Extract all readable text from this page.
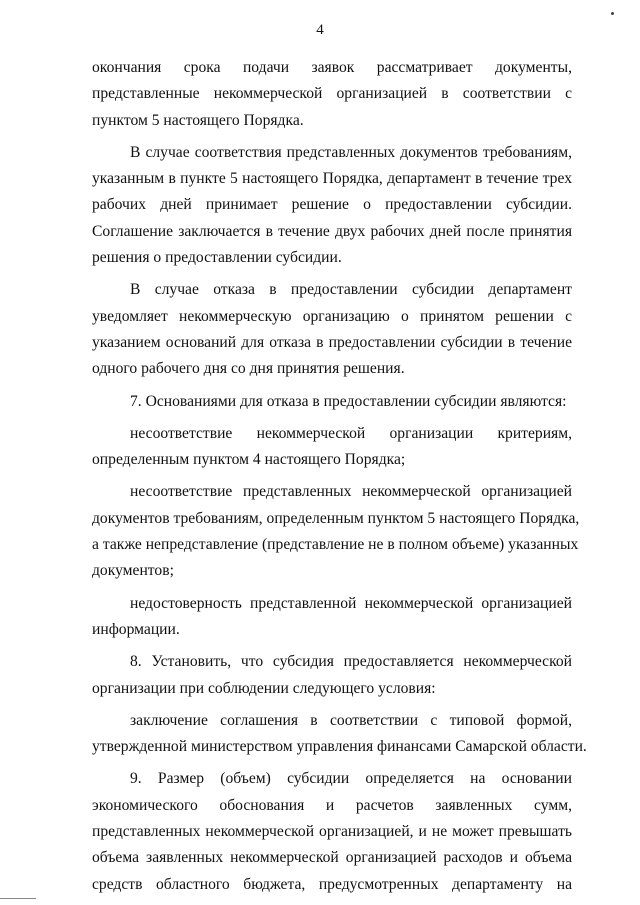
4
окончания срока подачи заявок рассматривает документы,
представленные некоммерческой организацией в соответствии с
пунктом 5 настоящего Порядка.
В случае соответствия представленных документов требованиям,
указанным в пункте 5 настоящего Порядка, департамент в течение трех
рабочих дней принимает решение о предоставлении субсидии.
Соглашение заключается в течение двух рабочих дней после принятия
решения о предоставлении субсидии.
В случае отказа в предоставлении субсидии департамент
уведомляет некоммерческую организацию о принятом решении с
указанием оснований для отказа в предоставлении субсидии в течение
одного рабочего дня со дня принятия решения.
7. Основаниями для отказа в предоставлении субсидии являются:
несоответствие некоммерческой организации критериям,
определенным пунктом 4 настоящего Порядка;
несоответствие представленных некоммерческой организацией
документов требованиям, определенным пунктом 5 настоящего Порядка,
а также непредставление (представление не в полном объеме) указанных
документов;
недостоверность представленной некоммерческой организацией
информации.
8. Установить, что субсидия предоставляется некоммерческой
организации при соблюдении следующего условия:
заключение соглашения в соответствии с типовой формой,
утвержденной министерством управления финансами Самарской области.
9. Размер (объем) субсидии определяется на основании
экономического обоснования и расчетов заявленных сумм,
представленных некоммерческой организацией, и не может превышать
объема заявленных некоммерческой организацией расходов и объема
средств областного бюджета, предусмотренных департаменту на
